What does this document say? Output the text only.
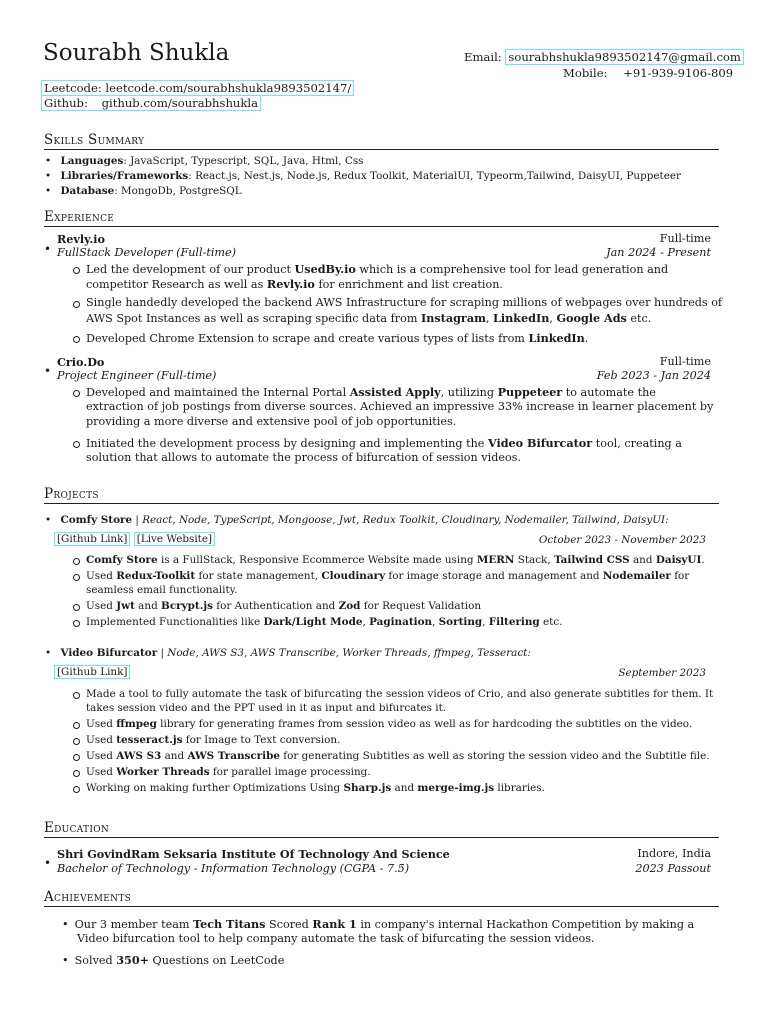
Sourabh Shukla	Email: sourabhshukla9893502147@gmail.com
Mobile: +91-939-9106-809
Leetcode: leetcode.com/sourabhshukla9893502147/
Github: github.com/sourabhshukla
Skills Summary
• Languages: JavaScript, Typescript, SQL, Java, Html, Css
• Libraries/Frameworks: React.js, Nest.js, Node.js, Redux Toolkit, MaterialUI, Typeorm,Tailwind, DaisyUI, Puppeteer
• Database: MongoDb, PostgreSQL
Experience
•
Revly.io	Full-time
FullStack Developer (Full-time)	Jan 2024 - Present
Led the development of our product UsedBy.io which is a comprehensive tool for lead generation and
competitor Research as well as Revly.io for enrichment and list creation.
Single handedly developed the backend AWS Infrastructure for scraping millions of webpages over hundreds of
AWS Spot Instances as well as scraping specific data from Instagram, LinkedIn, Google Ads etc.
Developed Chrome Extension to scrape and create various types of lists from LinkedIn.
•
Crio.Do	Full-time
Project Engineer (Full-time)	Feb 2023 - Jan 2024
Developed and maintained the Internal Portal Assisted Apply, utilizing Puppeteer to automate the
extraction of job postings from diverse sources. Achieved an impressive 33% increase in learner placement by
providing a more diverse and extensive pool of job opportunities.
Initiated the development process by designing and implementing the Video Bifurcator tool, creating a
solution that allows to automate the process of bifurcation of session videos.
Projects
• Comfy Store | React, Node, TypeScript, Mongoose, Jwt, Redux Toolkit, Cloudinary, Nodemailer, Tailwind, DaisyUI:
[Github Link] [Live Website]	October 2023 - November 2023
Comfy Store is a FullStack, Responsive Ecommerce Website made using MERN Stack, Tailwind CSS and DaisyUI.
Used Redux-Toolkit for state management, Cloudinary for image storage and management and Nodemailer for
seamless email functionality.
Used Jwt and Bcrypt.js for Authentication and Zod for Request Validation
Implemented Functionalities like Dark/Light Mode, Pagination, Sorting, Filtering etc.
• Video Bifurcator | Node, AWS S3, AWS Transcribe, Worker Threads, ffmpeg, Tesseract:
[Github Link]	September 2023
Made a tool to fully automate the task of bifurcating the session videos of Crio, and also generate subtitles for them. It
takes session video and the PPT used in it as input and bifurcates it.
Used ffmpeg library for generating frames from session video as well as for hardcoding the subtitles on the video.
Used tesseract.js for Image to Text conversion.
Used AWS S3 and AWS Transcribe for generating Subtitles as well as storing the session video and the Subtitle file.
Used Worker Threads for parallel image processing.
Working on making further Optimizations Using Sharp.js and merge-img.js libraries.
Education
•
Shri GovindRam Seksaria Institute Of Technology And Science	Indore, India
Bachelor of Technology - Information Technology (CGPA - 7.5)	2023 Passout
Achievements
• Our 3 member team Tech Titans Scored Rank 1 in company's internal Hackathon Competition by making a
Video bifurcation tool to help company automate the task of bifurcating the session videos.
• Solved 350+ Questions on LeetCode
